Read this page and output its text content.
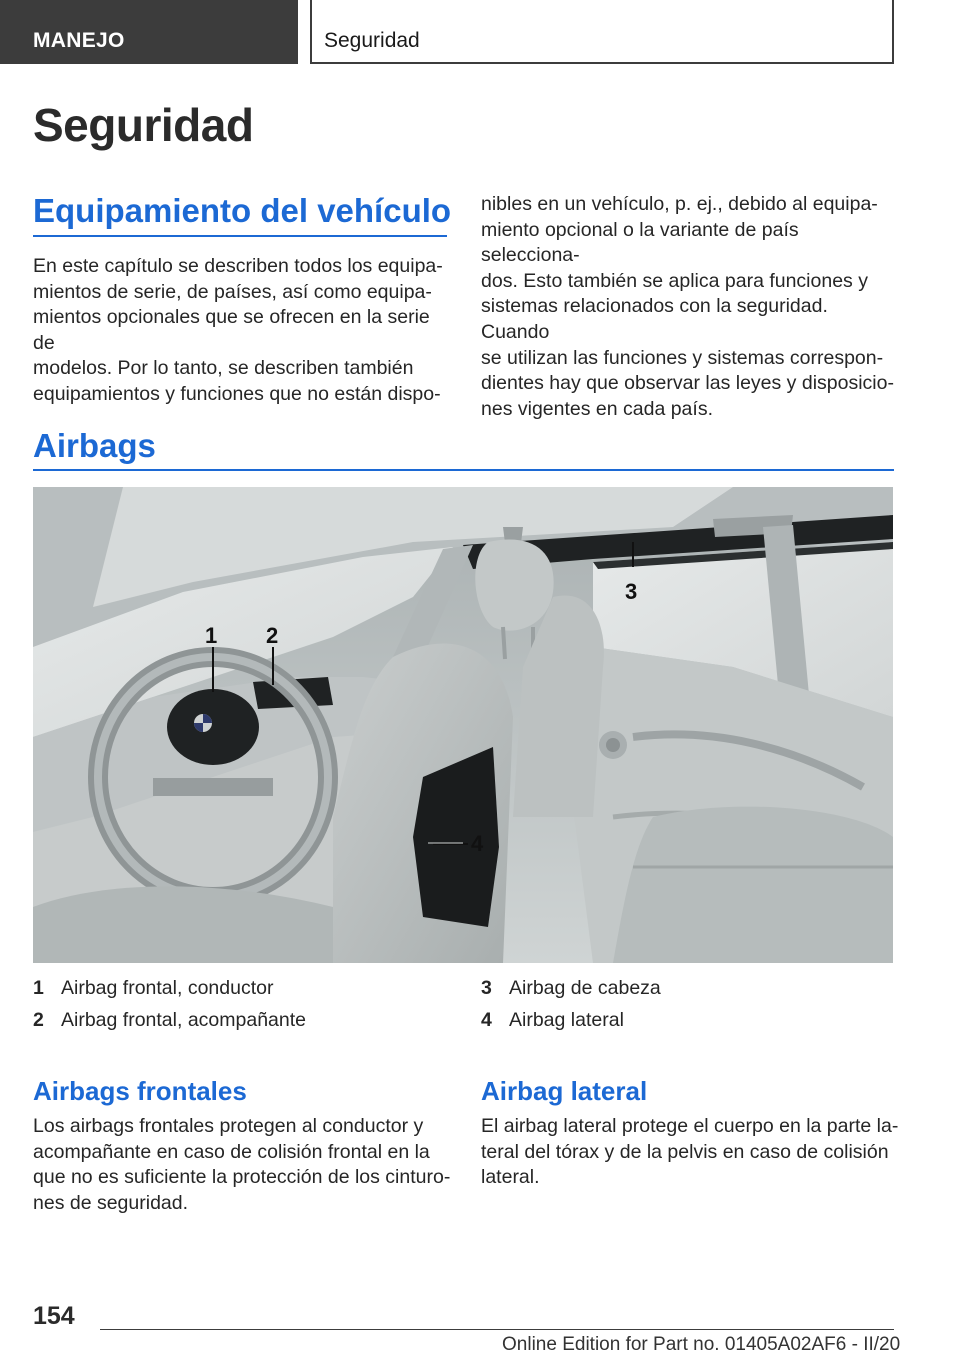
MANEJO	Seguridad
Seguridad
Equipamiento del vehículo

En este capítulo se describen todos los equipa-
mientos de serie, de países, así como equipa-
mientos opcionales que se ofrecen en la serie de
modelos. Por lo tanto, se describen también
equipamientos y funciones que no están dispo-

nibles en un vehículo, p. ej., debido al equipa-
miento opcional o la variante de país selecciona-
dos. Esto también se aplica para funciones y
sistemas relacionados con la seguridad. Cuando
se utilizan las funciones y sistemas correspon-
dientes hay que observar las leyes y disposicio-
nes vigentes en cada país.

Airbags
1 2
3
4
1 Airbag frontal, conductor
2 Airbag frontal, acompañante
3 Airbag de cabeza
4 Airbag lateral
Airbags frontales

Los airbags frontales protegen al conductor y
acompañante en caso de colisión frontal en la
que no es suficiente la protección de los cinturo-
nes de seguridad.

Airbag lateral

El airbag lateral protege el cuerpo en la parte la-
teral del tórax y de la pelvis en caso de colisión
lateral.

154
Online Edition for Part no. 01405A02AF6 - II/20
